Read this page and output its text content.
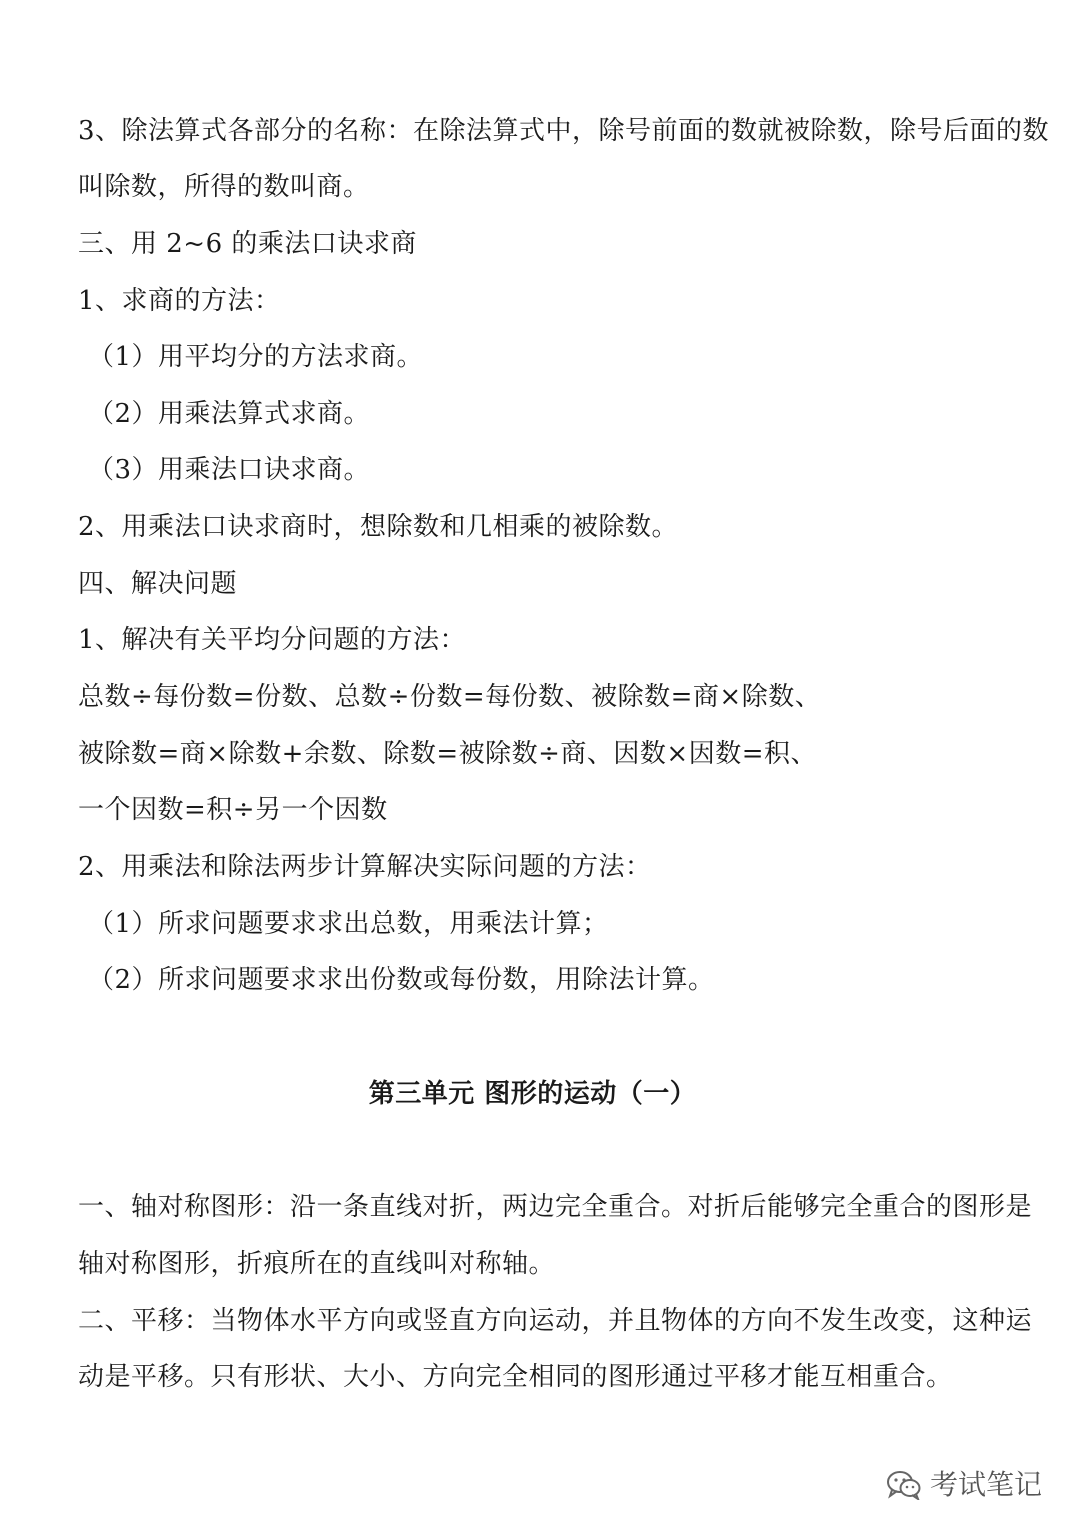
3、除法算式各部分的名称：在除法算式中，除号前面的数就被除数，除号后面的数
叫除数，所得的数叫商。
三、用 2~6 的乘法口诀求商
1、求商的方法：
（1）用平均分的方法求商。
（2）用乘法算式求商。
（3）用乘法口诀求商。
2、用乘法口诀求商时，想除数和几相乘的被除数。
四、解决问题
1、解决有关平均分问题的方法：
总数÷每份数=份数、总数÷份数=每份数、被除数=商×除数、
被除数=商×除数+余数、除数=被除数÷商、因数×因数=积、
一个因数=积÷另一个因数
2、用乘法和除法两步计算解决实际问题的方法：
（1）所求问题要求求出总数，用乘法计算；
（2）所求问题要求求出份数或每份数，用除法计算。
第三单元 图形的运动（一）
一、轴对称图形：沿一条直线对折，两边完全重合。对折后能够完全重合的图形是
轴对称图形，折痕所在的直线叫对称轴。
二、平移：当物体水平方向或竖直方向运动，并且物体的方向不发生改变，这种运
动是平移。只有形状、大小、方向完全相同的图形通过平移才能互相重合。
考试笔记
